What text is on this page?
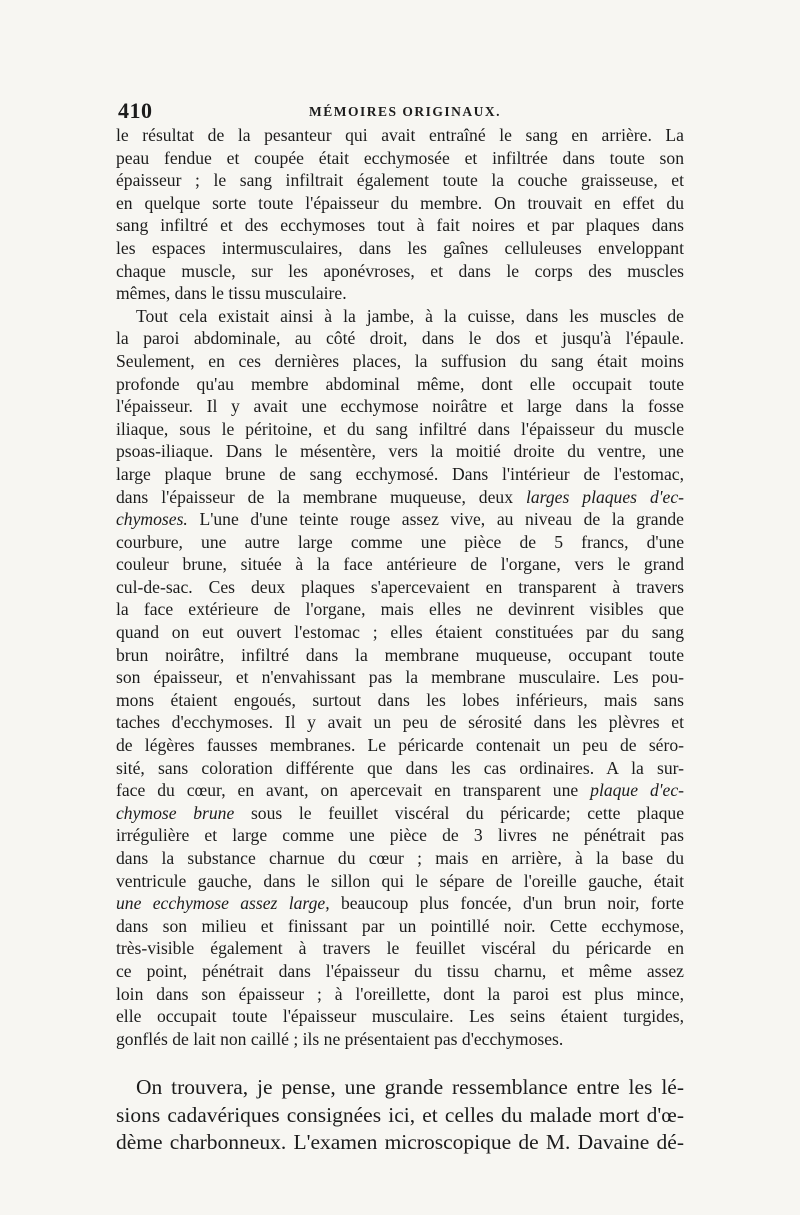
410	MÉMOIRES ORIGINAUX.
le résultat de la pesanteur qui avait entraîné le sang en arrière. La
peau fendue et coupée était ecchymosée et infiltrée dans toute son
épaisseur ; le sang infiltrait également toute la couche graisseuse, et
en quelque sorte toute l'épaisseur du membre. On trouvait en effet du
sang infiltré et des ecchymoses tout à fait noires et par plaques dans
les espaces intermusculaires, dans les gaînes celluleuses enveloppant
chaque muscle, sur les aponévroses, et dans le corps des muscles
mêmes, dans le tissu musculaire.
Tout cela existait ainsi à la jambe, à la cuisse, dans les muscles de
la paroi abdominale, au côté droit, dans le dos et jusqu'à l'épaule.
Seulement, en ces dernières places, la suffusion du sang était moins
profonde qu'au membre abdominal même, dont elle occupait toute
l'épaisseur. Il y avait une ecchymose noirâtre et large dans la fosse
iliaque, sous le péritoine, et du sang infiltré dans l'épaisseur du muscle
psoas-iliaque. Dans le mésentère, vers la moitié droite du ventre, une
large plaque brune de sang ecchymosé. Dans l'intérieur de l'estomac,
dans l'épaisseur de la membrane muqueuse, deux larges plaques d'ec-
chymoses. L'une d'une teinte rouge assez vive, au niveau de la grande
courbure, une autre large comme une pièce de 5 francs, d'une
couleur brune, située à la face antérieure de l'organe, vers le grand
cul-de-sac. Ces deux plaques s'apercevaient en transparent à travers
la face extérieure de l'organe, mais elles ne devinrent visibles que
quand on eut ouvert l'estomac ; elles étaient constituées par du sang
brun noirâtre, infiltré dans la membrane muqueuse, occupant toute
son épaisseur, et n'envahissant pas la membrane musculaire. Les pou-
mons étaient engoués, surtout dans les lobes inférieurs, mais sans
taches d'ecchymoses. Il y avait un peu de sérosité dans les plèvres et
de légères fausses membranes. Le péricarde contenait un peu de séro-
sité, sans coloration différente que dans les cas ordinaires. A la sur-
face du cœur, en avant, on apercevait en transparent une plaque d'ec-
chymose brune sous le feuillet viscéral du péricarde; cette plaque
irrégulière et large comme une pièce de 3 livres ne pénétrait pas
dans la substance charnue du cœur ; mais en arrière, à la base du
ventricule gauche, dans le sillon qui le sépare de l'oreille gauche, était
une ecchymose assez large, beaucoup plus foncée, d'un brun noir, forte
dans son milieu et finissant par un pointillé noir. Cette ecchymose,
très-visible également à travers le feuillet viscéral du péricarde en
ce point, pénétrait dans l'épaisseur du tissu charnu, et même assez
loin dans son épaisseur ; à l'oreillette, dont la paroi est plus mince,
elle occupait toute l'épaisseur musculaire. Les seins étaient turgides,
gonflés de lait non caillé ; ils ne présentaient pas d'ecchymoses.
On trouvera, je pense, une grande ressemblance entre les lé-
sions cadavériques consignées ici, et celles du malade mort d'œ-
dème charbonneux. L'examen microscopique de M. Davaine dé-
